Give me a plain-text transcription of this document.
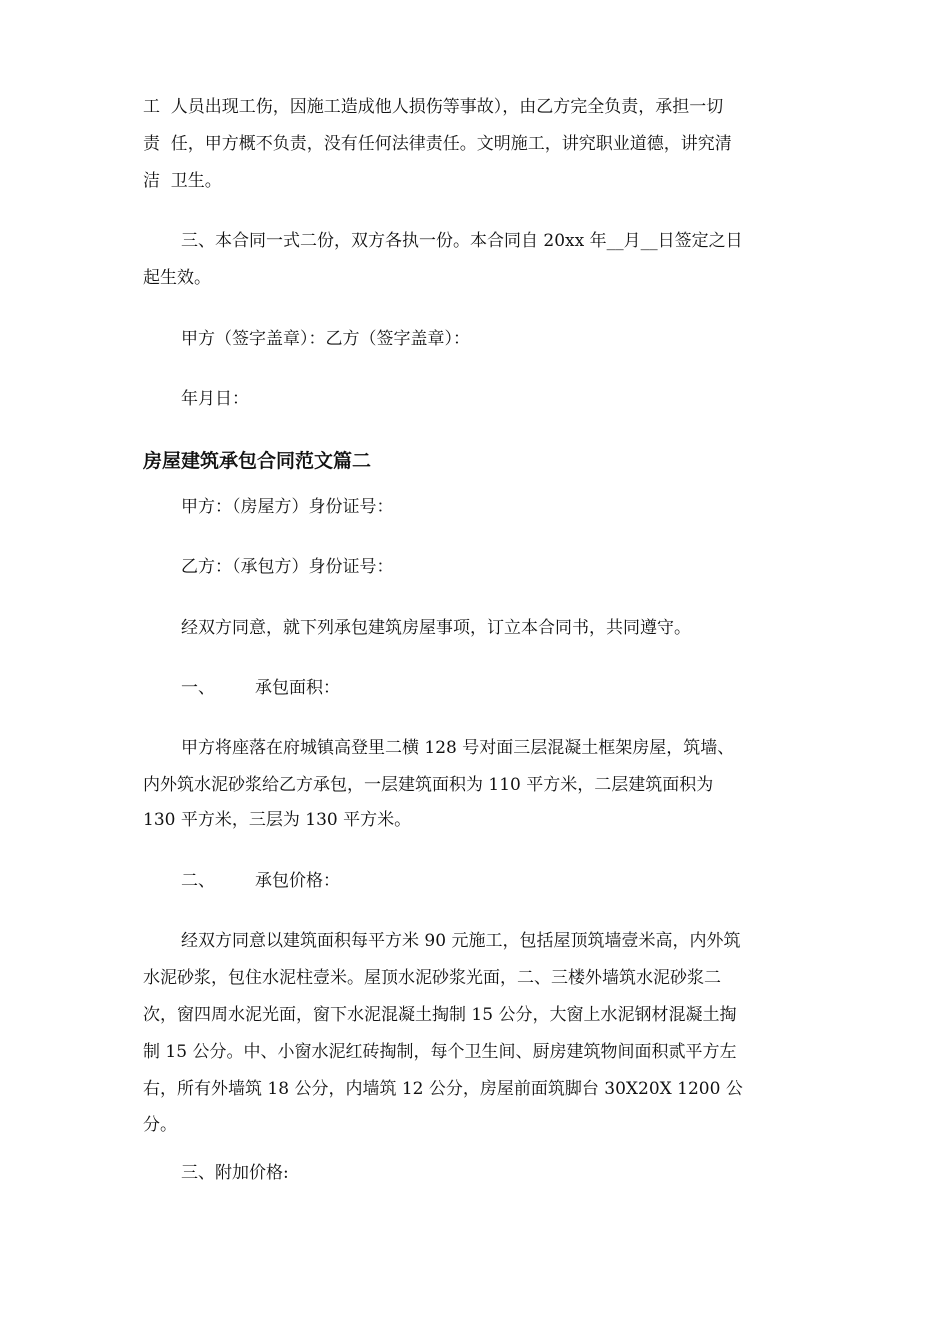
工  人员出现工伤，因施工造成他人损伤等事故），由乙方完全负责，承担一切

责  任，甲方概不负责，没有任何法律责任。文明施工，讲究职业道德，讲究清

洁  卫生。

三、本合同一式二份，双方各执一份。本合同自 20xx 年__月__日签定之日

起生效。

甲方（签字盖章）：乙方（签字盖章）：

年月日：

房屋建筑承包合同范文篇二

甲方：（房屋方）身份证号：

乙方：（承包方）身份证号：

经双方同意，就下列承包建筑房屋事项，订立本合同书，共同遵守。

一、 承包面积：

甲方将座落在府城镇高登里二横 128 号对面三层混凝土框架房屋，筑墙、

内外筑水泥砂浆给乙方承包，一层建筑面积为 110 平方米，二层建筑面积为

130 平方米，三层为 130 平方米。

二、 承包价格：

经双方同意以建筑面积每平方米 90 元施工，包括屋顶筑墙壹米高，内外筑

水泥砂浆，包住水泥柱壹米。屋顶水泥砂浆光面，二、三楼外墙筑水泥砂浆二

次，窗四周水泥光面，窗下水泥混凝土掏制 15 公分，大窗上水泥钢材混凝土掏

制 15 公分。中、小窗水泥红砖掏制，每个卫生间、厨房建筑物间面积贰平方左

右，所有外墙筑 18 公分，内墙筑 12 公分，房屋前面筑脚台 30X20X 1200 公

分。

三、附加价格:
